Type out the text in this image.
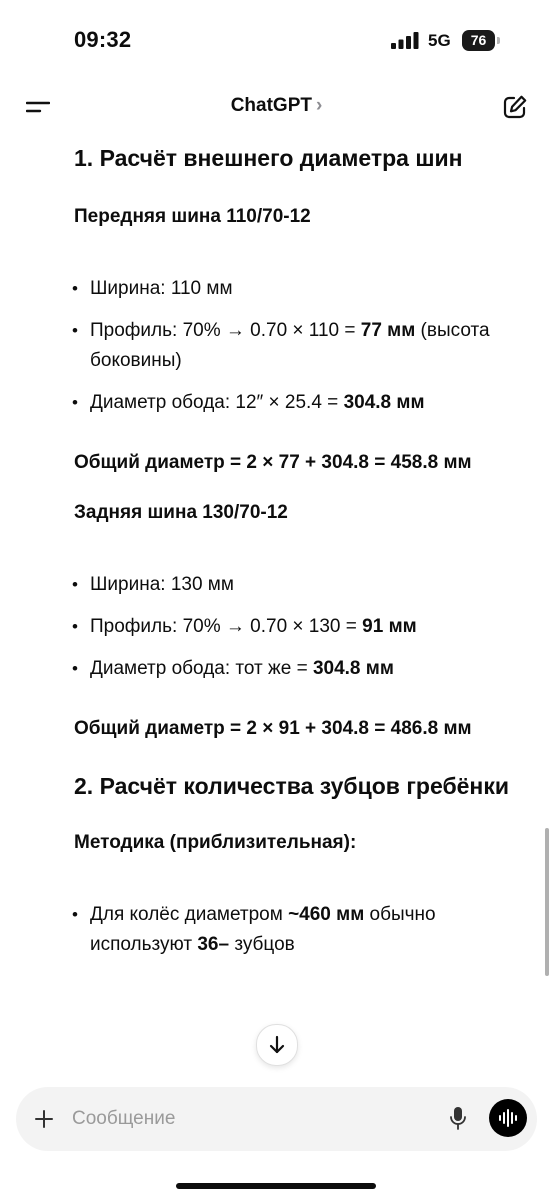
09:32	5G	76
ChatGPT ›
1. Расчёт внешнего диаметра шин
Передняя шина 110/70-12
• Ширина: 110 мм
• Профиль: 70% → 0.70 × 110 = 77 мм (высота боковины)
• Диаметр обода: 12″ × 25.4 = 304.8 мм

Общий диаметр = 2 × 77 + 304.8 = 458.8 мм

Задняя шина 130/70-12
• Ширина: 130 мм
• Профиль: 70% → 0.70 × 130 = 91 мм
• Диаметр обода: тот же = 304.8 мм

Общий диаметр = 2 × 91 + 304.8 = 486.8 мм

2. Расчёт количества зубцов гребёнки
Методика (приблизительная):
• Для колёс диаметром ~460 мм обычно используют 36– зубцов
Сообщение
